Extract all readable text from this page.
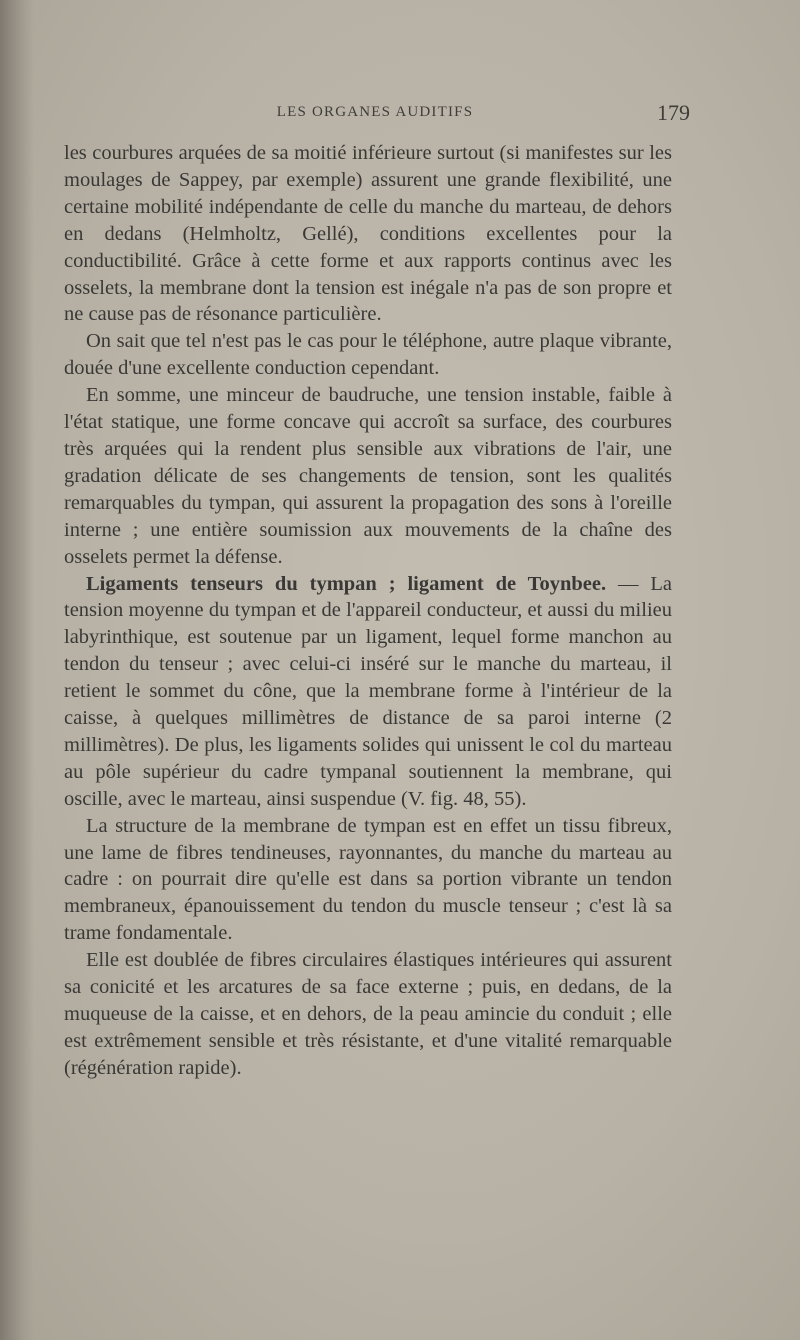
LES ORGANES AUDITIFS	179

les courbures arquées de sa moitié inférieure surtout (si manifestes sur les moulages de Sappey, par exemple) assurent une grande flexibilité, une certaine mobilité indépendante de celle du manche du marteau, de dehors en dedans (Helmholtz, Gellé), conditions excellentes pour la conductibilité. Grâce à cette forme et aux rapports continus avec les osselets, la membrane dont la tension est inégale n'a pas de son propre et ne cause pas de résonance particulière.

On sait que tel n'est pas le cas pour le téléphone, autre plaque vibrante, douée d'une excellente conduction cependant.

En somme, une minceur de baudruche, une tension instable, faible à l'état statique, une forme concave qui accroît sa surface, des courbures très arquées qui la rendent plus sensible aux vibrations de l'air, une gradation délicate de ses changements de tension, sont les qualités remarquables du tympan, qui assurent la propagation des sons à l'oreille interne ; une entière soumission aux mouvements de la chaîne des osselets permet la défense.

Ligaments tenseurs du tympan ; ligament de Toynbee. — La tension moyenne du tympan et de l'appareil conducteur, et aussi du milieu labyrinthique, est soutenue par un ligament, lequel forme manchon au tendon du tenseur ; avec celui-ci inséré sur le manche du marteau, il retient le sommet du cône, que la membrane forme à l'intérieur de la caisse, à quelques millimètres de distance de sa paroi interne (2 millimètres). De plus, les ligaments solides qui unissent le col du marteau au pôle supérieur du cadre tympanal soutiennent la membrane, qui oscille, avec le marteau, ainsi suspendue (V. fig. 48, 55).

La structure de la membrane de tympan est en effet un tissu fibreux, une lame de fibres tendineuses, rayonnantes, du manche du marteau au cadre : on pourrait dire qu'elle est dans sa portion vibrante un tendon membraneux, épanouissement du tendon du muscle tenseur ; c'est là sa trame fondamentale.

Elle est doublée de fibres circulaires élastiques intérieures qui assurent sa conicité et les arcatures de sa face externe ; puis, en dedans, de la muqueuse de la caisse, et en dehors, de la peau amincie du conduit ; elle est extrêmement sensible et très résistante, et d'une vitalité remarquable (régénération rapide).
